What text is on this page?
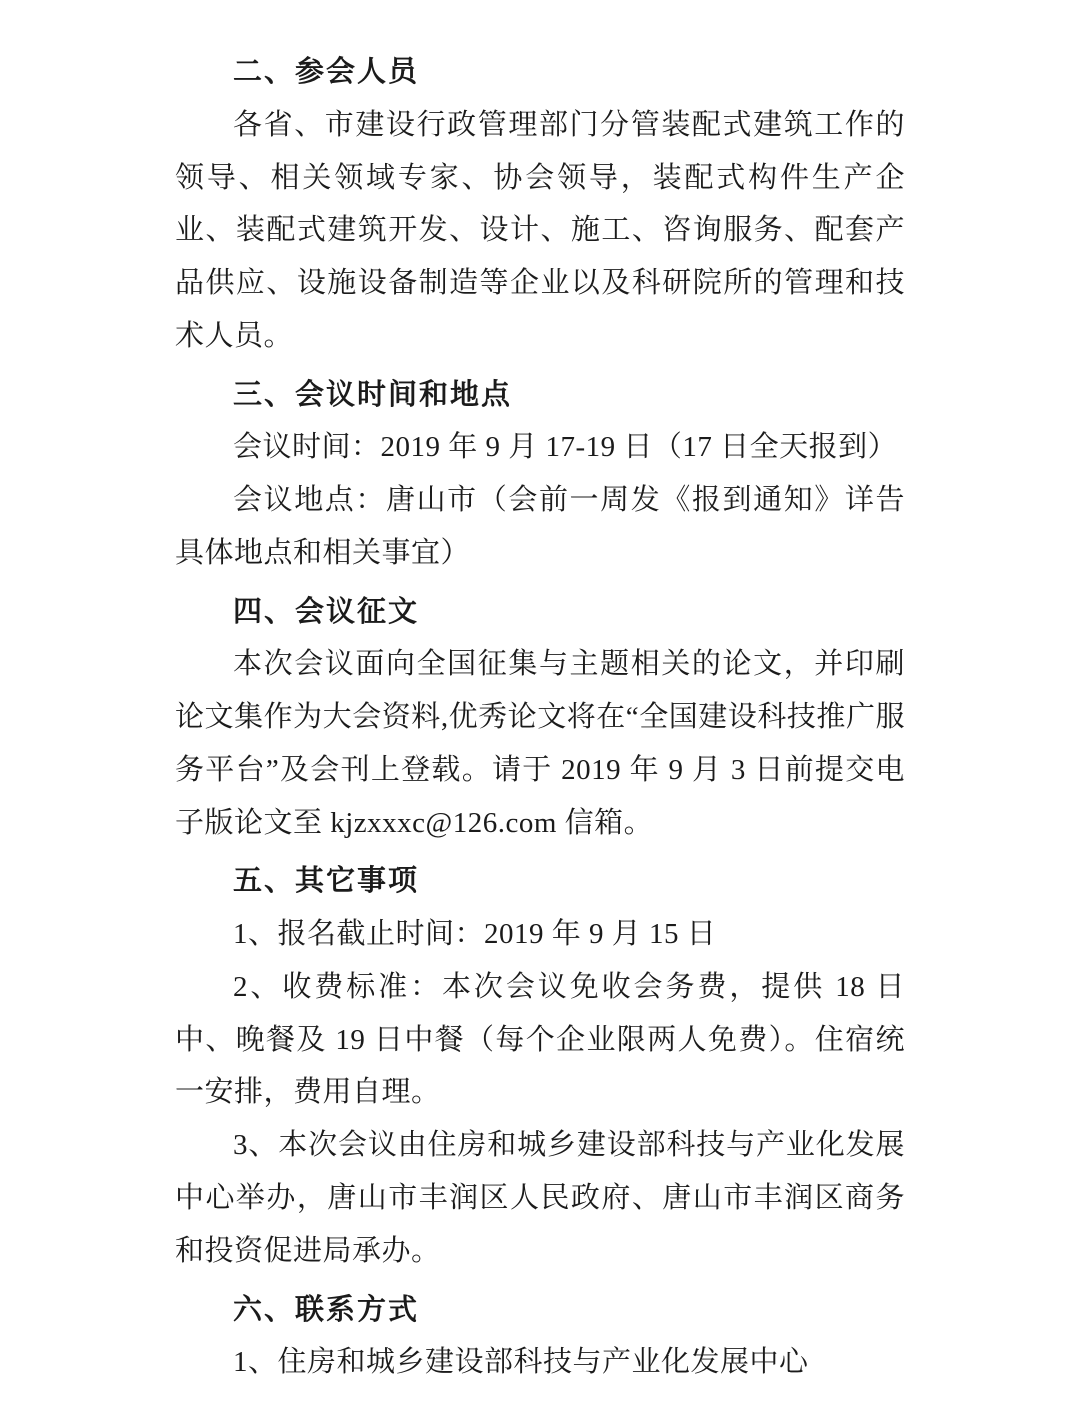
二、参会人员

各省、市建设行政管理部门分管装配式建筑工作的领导、相关领域专家、协会领导，装配式构件生产企业、装配式建筑开发、设计、施工、咨询服务、配套产品供应、设施设备制造等企业以及科研院所的管理和技术人员。

三、会议时间和地点

会议时间：2019 年 9 月 17-19 日（17 日全天报到）

会议地点：唐山市（会前一周发《报到通知》详告具体地点和相关事宜）

四、会议征文

本次会议面向全国征集与主题相关的论文，并印刷论文集作为大会资料,优秀论文将在“全国建设科技推广服务平台”及会刊上登载。请于 2019 年 9 月 3 日前提交电子版论文至 kjzxxxc@126.com 信箱。

五、其它事项

1、报名截止时间：2019 年 9 月 15 日

2、收费标准：本次会议免收会务费，提供 18 日中、晚餐及 19 日中餐（每个企业限两人免费）。住宿统一安排，费用自理。

3、本次会议由住房和城乡建设部科技与产业化发展中心举办，唐山市丰润区人民政府、唐山市丰润区商务和投资促进局承办。

六、联系方式

1、住房和城乡建设部科技与产业化发展中心
